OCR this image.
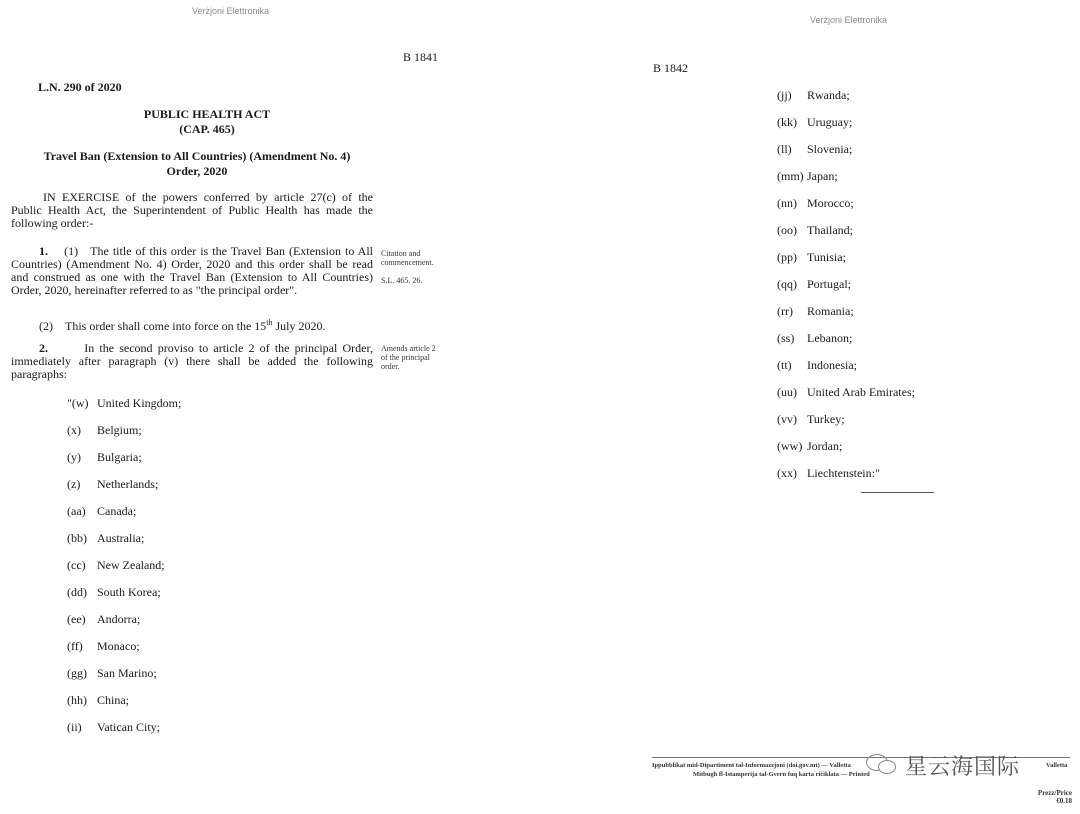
Verżjoni Elettronika
B 1841
L.N. 290 of 2020
PUBLIC HEALTH ACT
(CAP. 465)
Travel Ban (Extension to All Countries) (Amendment No. 4)
Order, 2020
IN EXERCISE of the powers conferred by article 27(c) of the Public Health Act, the Superintendent of Public Health has made the following order:-
1. (1) The title of this order is the Travel Ban (Extension to All Countries) (Amendment No. 4) Order, 2020 and this order shall be read and construed as one with the Travel Ban (Extension to All Countries) Order, 2020, hereinafter referred to as "the principal order".
Citation and commencement.
S.L. 465. 26.
(2) This order shall come into force on the 15th July 2020.
2.	In the second proviso to article 2 of the principal Order, immediately after paragraph (v) there shall be added the following paragraphs:
Amends article 2 of the principal order.
"(w) United Kingdom;
(x) Belgium;
(y) Bulgaria;
(z) Netherlands;
(aa) Canada;
(bb) Australia;
(cc) New Zealand;
(dd) South Korea;
(ee) Andorra;
(ff) Monaco;
(gg) San Marino;
(hh) China;
(ii) Vatican City;
Verżjoni Elettronika
B 1842
(jj) Rwanda;
(kk) Uruguay;
(ll) Slovenia;
(mm) Japan;
(nn) Morocco;
(oo) Thailand;
(pp) Tunisia;
(qq) Portugal;
(rr) Romania;
(ss) Lebanon;
(tt) Indonesia;
(uu) United Arab Emirates;
(vv) Turkey;
(ww) Jordan;
(xx) Liechtenstein:"
Ippubblikat mid-Dipartiment tal-Informazzjoni (doi.gov.mt) — Valletta	Valletta
Mitbugħ fl-Istamperija tal-Gvern fuq karta riċiklata — Printed 星云海国际
Prezz/Price
€0.18
